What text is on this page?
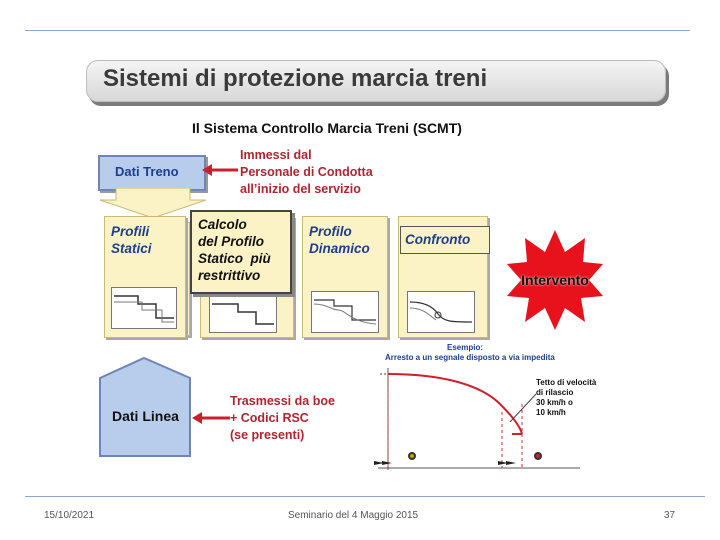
Sistemi di protezione marcia treni
Il Sistema Controllo Marcia Treni (SCMT)
Dati Treno
Immessi dal
Personale di Condotta
all’inizio del servizio
Profili
Statici
Calcolo
del Profilo
Statico  più
restrittivo
Profilo
Dinamico
Confronto
Intervento
Dati Linea
Trasmessi da boe
+ Codici RSC
(se presenti)
Esempio:
Arresto a un segnale disposto a via impedita
Tetto di velocità
di rilascio
30 km/h o
10 km/h
15/10/2021	Seminario del 4 Maggio 2015	37
